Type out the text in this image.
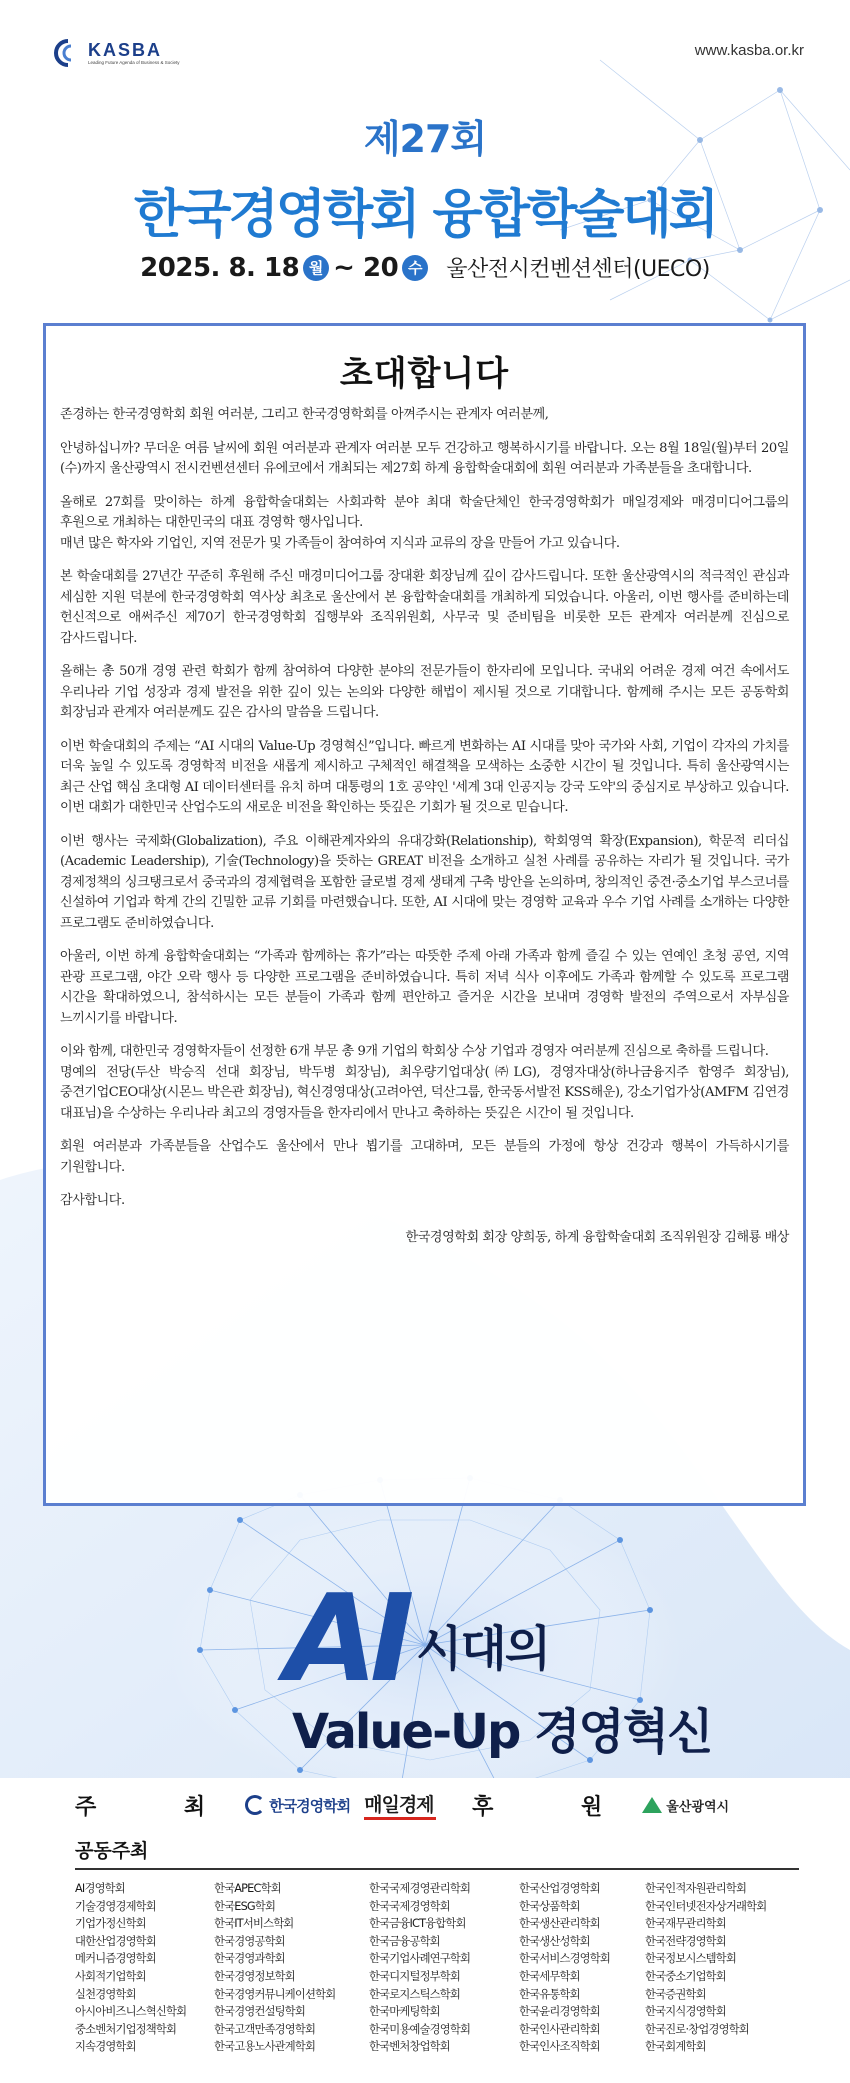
KASBA
Leading Future Agenda of Business & Society
www.kasba.or.kr
제27회
한국경영학회 융합학술대회
2025. 8. 18 월 ~ 20 수 울산전시컨벤션센터(UECO)
초대합니다

존경하는 한국경영학회 회원 여러분, 그리고 한국경영학회를 아껴주시는 관계자 여러분께,

안녕하십니까? 무더운 여름 날씨에 회원 여러분과 관계자 여러분 모두 건강하고 행복하시기를 바랍니다. 오는 8월 18일(월)부터 20일(수)까지 울산광역시 전시컨벤션센터 유에코에서 개최되는 제27회 하계 융합학술대회에 회원 여러분과 가족분들을 초대합니다.

올해로 27회를 맞이하는 하계 융합학술대회는 사회과학 분야 최대 학술단체인 한국경영학회가 매일경제와 매경미디어그룹의 후원으로 개최하는 대한민국의 대표 경영학 행사입니다.

매년 많은 학자와 기업인, 지역 전문가 및 가족들이 참여하여 지식과 교류의 장을 만들어 가고 있습니다.

본 학술대회를 27년간 꾸준히 후원해 주신 매경미디어그룹 장대환 회장님께 깊이 감사드립니다. 또한 울산광역시의 적극적인 관심과 세심한 지원 덕분에 한국경영학회 역사상 최초로 울산에서 본 융합학술대회를 개최하게 되었습니다. 아울러, 이번 행사를 준비하는데 헌신적으로 애써주신 제70기 한국경영학회 집행부와 조직위원회, 사무국 및 준비팀을 비롯한 모든 관계자 여러분께 진심으로 감사드립니다.

올해는 총 50개 경영 관련 학회가 함께 참여하여 다양한 분야의 전문가들이 한자리에 모입니다. 국내외 어려운 경제 여건 속에서도 우리나라 기업 성장과 경제 발전을 위한 깊이 있는 논의와 다양한 해법이 제시될 것으로 기대합니다. 함께해 주시는 모든 공동학회 회장님과 관계자 여러분께도 깊은 감사의 말씀을 드립니다.

이번 학술대회의 주제는 “AI 시대의 Value-Up 경영혁신”입니다. 빠르게 변화하는 AI 시대를 맞아 국가와 사회, 기업이 각자의 가치를 더욱 높일 수 있도록 경영학적 비전을 새롭게 제시하고 구체적인 해결책을 모색하는 소중한 시간이 될 것입니다. 특히 울산광역시는 최근 산업 핵심 초대형 AI 데이터센터를 유치 하며 대통령의 1호 공약인 '세계 3대 인공지능 강국 도약'의 중심지로 부상하고 있습니다. 이번 대회가 대한민국 산업수도의 새로운 비전을 확인하는 뜻깊은 기회가 될 것으로 믿습니다.

이번 행사는 국제화(Globalization), 주요 이해관계자와의 유대강화(Relationship), 학회영역 확장(Expansion), 학문적 리더십(Academic Leadership), 기술(Technology)을 뜻하는 GREAT 비전을 소개하고 실천 사례를 공유하는 자리가 될 것입니다. 국가 경제정책의 싱크탱크로서 중국과의 경제협력을 포함한 글로벌 경제 생태계 구축 방안을 논의하며, 창의적인 중견·중소기업 부스코너를 신설하여 기업과 학계 간의 긴밀한 교류 기회를 마련했습니다. 또한, AI 시대에 맞는 경영학 교육과 우수 기업 사례를 소개하는 다양한 프로그램도 준비하였습니다.

아울러, 이번 하계 융합학술대회는 “가족과 함께하는 휴가”라는 따뜻한 주제 아래 가족과 함께 즐길 수 있는 연예인 초청 공연, 지역 관광 프로그램, 야간 오락 행사 등 다양한 프로그램을 준비하였습니다. 특히 저녁 식사 이후에도 가족과 함께할 수 있도록 프로그램 시간을 확대하였으니, 참석하시는 모든 분들이 가족과 함께 편안하고 즐거운 시간을 보내며 경영학 발전의 주역으로서 자부심을 느끼시기를 바랍니다.

이와 함께, 대한민국 경영학자들이 선정한 6개 부문 총 9개 기업의 학회상 수상 기업과 경영자 여러분께 진심으로 축하를 드립니다.

명예의 전당(두산 박승직 선대 회장님, 박두병 회장님), 최우량기업대상(㈜LG), 경영자대상(하나금융지주 함영주 회장님), 중견기업CEO대상(시몬느 박은관 회장님), 혁신경영대상(고려아연, 덕산그룹, 한국동서발전 KSS해운), 강소기업가상(AMFM 김연경 대표님)을 수상하는 우리나라 최고의 경영자들을 한자리에서 만나고 축하하는 뜻깊은 시간이 될 것입니다.

회원 여러분과 가족분들을 산업수도 울산에서 만나 뵙기를 고대하며, 모든 분들의 가정에 항상 건강과 행복이 가득하시기를 기원합니다.

감사합니다.

한국경영학회 회장 양희동, 하계 융합학술대회 조직위원장 김해룡 배상

AI 시대의
Value-Up 경영혁신
주 최 한국경영학회 매일경제 후 원 울산광역시
공동주최
AI경영학회
기술경영경제학회
기업가정신학회
대한산업경영학회
메커니즘경영학회
사회적기업학회
실천경영학회
아시아비즈니스혁신학회
중소벤처기업정책학회
지속경영학회
한국APEC학회
한국ESG학회
한국IT서비스학회
한국경영공학회
한국경영과학회
한국경영정보학회
한국경영커뮤니케이션학회
한국경영컨설팅학회
한국고객만족경영학회
한국고용노사관계학회
한국국제경영관리학회
한국국제경영학회
한국금융ICT융합학회
한국금융공학회
한국기업사례연구학회
한국디지털정부학회
한국로지스틱스학회
한국마케팅학회
한국미용예술경영학회
한국벤처창업학회
한국산업경영학회
한국상품학회
한국생산관리학회
한국생산성학회
한국서비스경영학회
한국세무학회
한국유통학회
한국윤리경영학회
한국인사관리학회
한국인사조직학회
한국인적자원관리학회
한국인터넷전자상거래학회
한국재무관리학회
한국전략경영학회
한국정보시스템학회
한국중소기업학회
한국증권학회
한국지식경영학회
한국진로·창업경영학회
한국회계학회
